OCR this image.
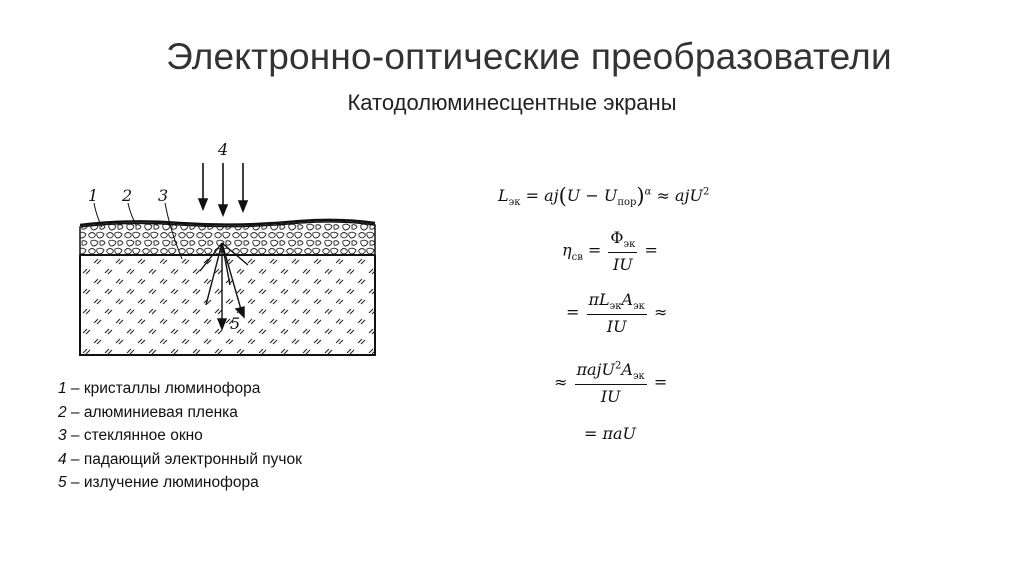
Электронно-оптические преобразователи
Катодолюминесцентные экраны
1 2 3
4
5
1 – кристаллы люминофора
2 – алюминиевая пленка
3 – стеклянное окно
4 – падающий электронный пучок
5 – излучение люминофора
$L_{эк} = aj(U - U_{пор})^\alpha \approx ajU^2$
$\eta_{св} = \frac{\Phi_{эк}}{IU}$ =
= $\frac{\pi L_{эк}A_{эк}}{IU}$ ≈
≈ $\frac{\pi ajU^2A_{эк}}{IU}$ =
= πaU
